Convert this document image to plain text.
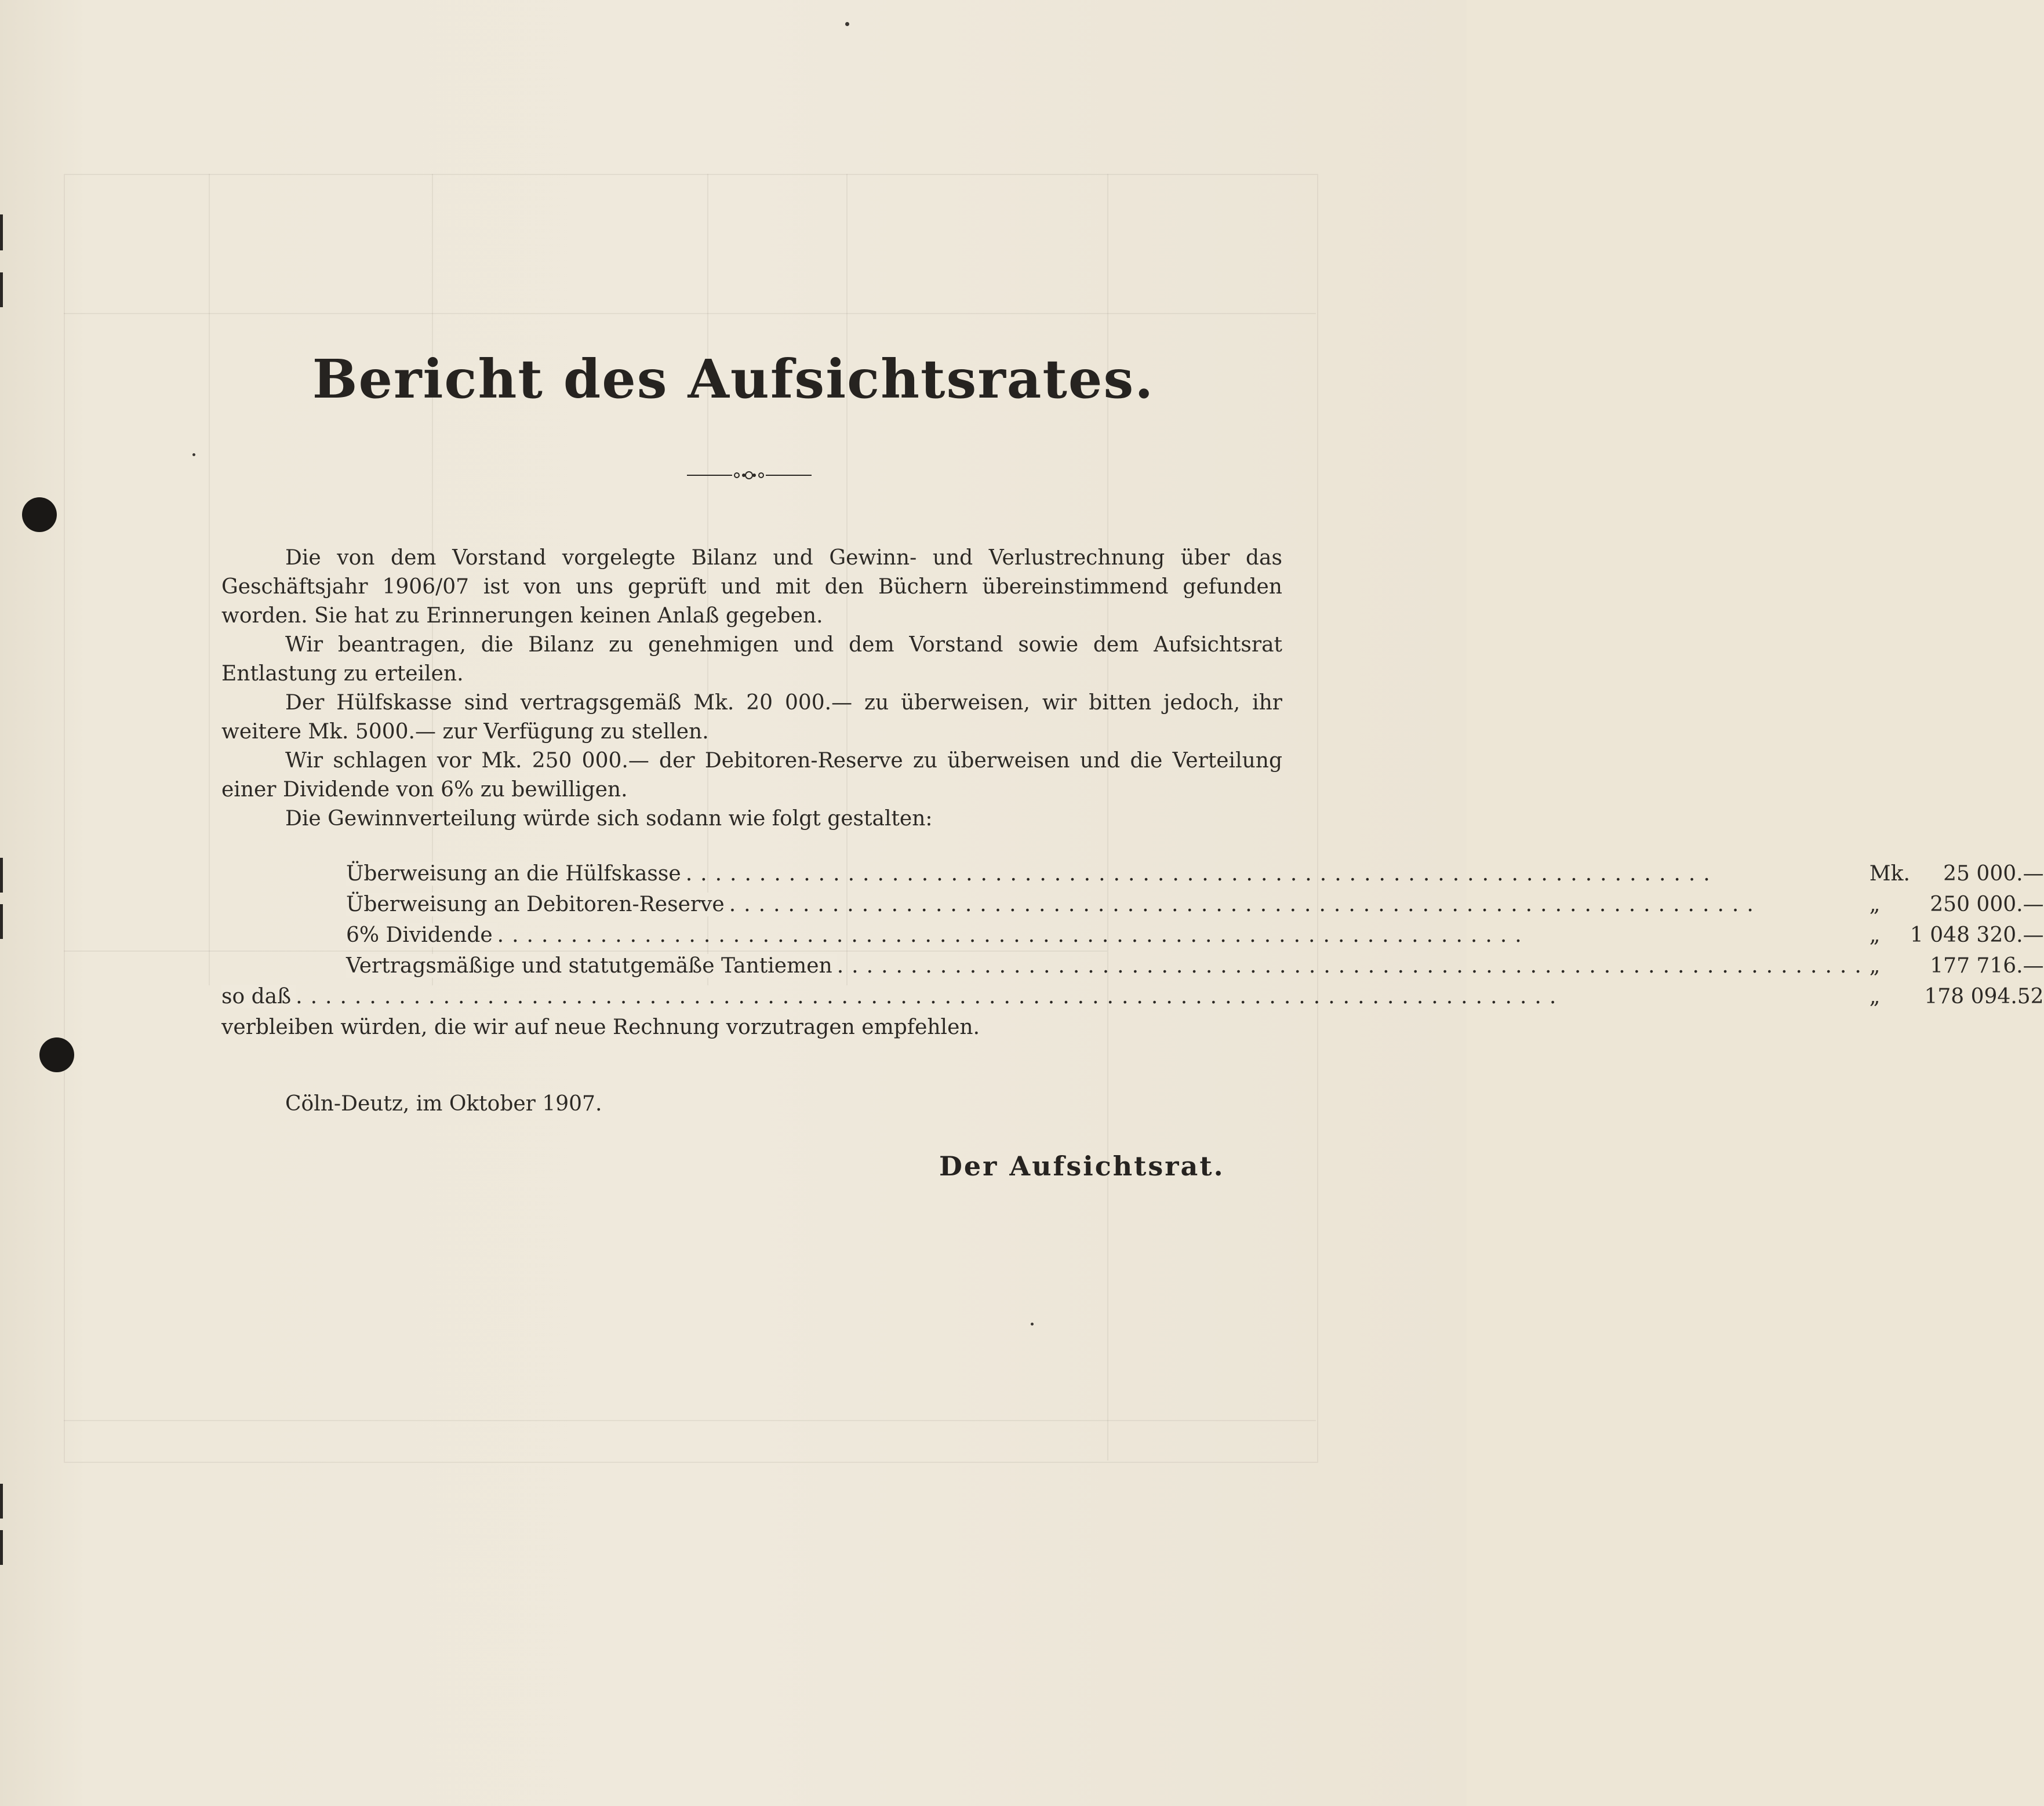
Bericht des Aufsichtsrates.

Die von dem Vorstand vorgelegte Bilanz und Gewinn- und Verlustrechnung über das Geschäftsjahr 1906/07 ist von uns geprüft und mit den Büchern übereinstimmend gefunden worden. Sie hat zu Erinnerungen keinen Anlaß gegeben.

Wir beantragen, die Bilanz zu genehmigen und dem Vorstand sowie dem Aufsichtsrat Entlastung zu erteilen.

Der Hülfskasse sind vertragsgemäß Mk. 20 000.— zu überweisen, wir bitten jedoch, ihr weitere Mk. 5000.— zur Verfügung zu stellen.

Wir schlagen vor Mk. 250 000.— der Debitoren-Reserve zu überweisen und die Verteilung einer Dividende von 6% zu bewilligen.

Die Gewinnverteilung würde sich sodann wie folgt gestalten:

Überweisung an die Hülfskasse ......................................................................	Mk.	25 000.—
Überweisung an Debitoren-Reserve ......................................................................	„	250 000.—
6% Dividende ......................................................................	„	1 048 320.—
Vertragsmäßige und statutgemäße Tantiemen ......................................................................	„	177 716.—
so daß ......................................................................................	„	178 094.52

verbleiben würden, die wir auf neue Rechnung vorzutragen empfehlen.

Cöln-Deutz, im Oktober 1907.

Der Aufsichtsrat.
